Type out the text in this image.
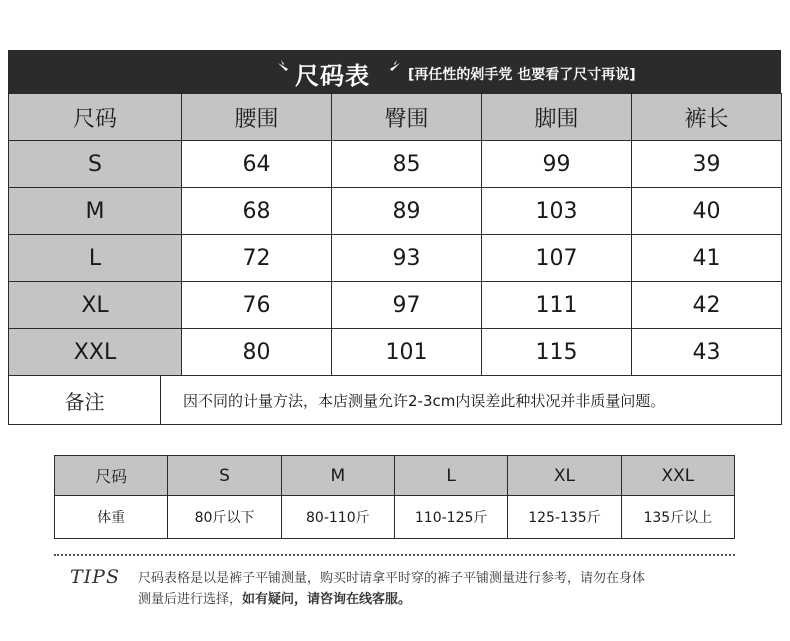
尺码表	[再任性的剁手党 也要看了尺寸再说]
尺码		腰围	臀围	脚围	裤长
S		64	85	99	39
M		68	89	103	40
L		72	93	107	41
XL		76	97	111	42
XXL		80	101	115	43
备注	因不同的计量方法，本店测量允许2-3cm内误差此种状况并非质量问题。				
尺码	S	M	L	XL	XXL
体重	80斤以下	80-110斤	110-125斤	125-135斤	135斤以上
TIPS 尺码表格是以是裤子平铺测量，购买时请拿平时穿的裤子平铺测量进行参考，请勿在身体
测量后进行选择，如有疑问，请咨询在线客服。
